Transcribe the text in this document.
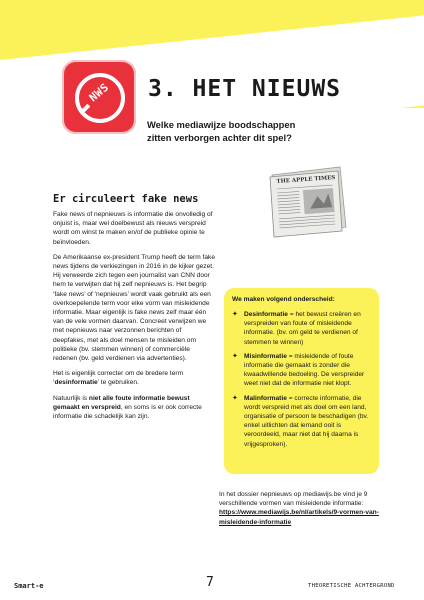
NWS	3. HET NIEUWS

Welke mediawijze boodschappen zitten verborgen achter dit spel?

Er circuleert fake news

Fake news of nepnieuws is informatie die onvolledig of onjuist is, maar wel doelbewust als nieuws verspreid wordt om winst te maken en/of de publieke opinie te beïnvloeden.

De Amerikaanse ex-president Trump heeft de term fake news tijdens de verkiezingen in 2016 in de kijker gezet. Hij verweerde zich tegen een journalist van CNN door hem te verwijten dat hij zelf nepnieuws is. Het begrip ‘fake news’ of ‘nepnieuws’ wordt vaak gebruikt als een overkoepelende term voor elke vorm van misleidende informatie. Maar eigenlijk is fake news zelf maar één van de vele vormen daarvan. Concreet verwijzen we met nepnieuws naar verzonnen berichten of deepfakes, met als doel mensen te misleiden om politieke (bv. stemmen winnen) of commerciële redenen (bv. geld verdienen via advertenties).

Het is eigenlijk correcter om de bredere term ‘desinformatie’ te gebruiken.

Natuurlijk is niet alle foute informatie bewust gemaakt en verspreid, en soms is er ook correcte informatie die schadelijk kan zijn.

THE APPLE TIMES

We maken volgend onderscheid:

✦ Desinformatie = het bewust creëren en verspreiden van foute of misleidende informatie. (bv. om geld te verdienen of stemmen te winnen)
✦ Misinformatie = misleidende of foute informatie die gemaakt is zonder die kwaadwillende bedoeling. De verspreider weet niet dat de informatie niet klopt.
✦ Malinformatie = correcte informatie, die wordt verspreid met als doel om een land, organisatie of persoon te beschadigen (bv. enkel uitlichten dat iemand ooit is veroordeeld, maar niet dat hij daarna is vrijgesproken).
In het dossier nepnieuws op mediawijs.be vind je 9 verschillende vormen van misleidende informatie:
https://www.mediawijs.be/nl/artikels/9-vormen-van-misleidende-informatie
Smart-e	7	THEORETISCHE ACHTERGROND
